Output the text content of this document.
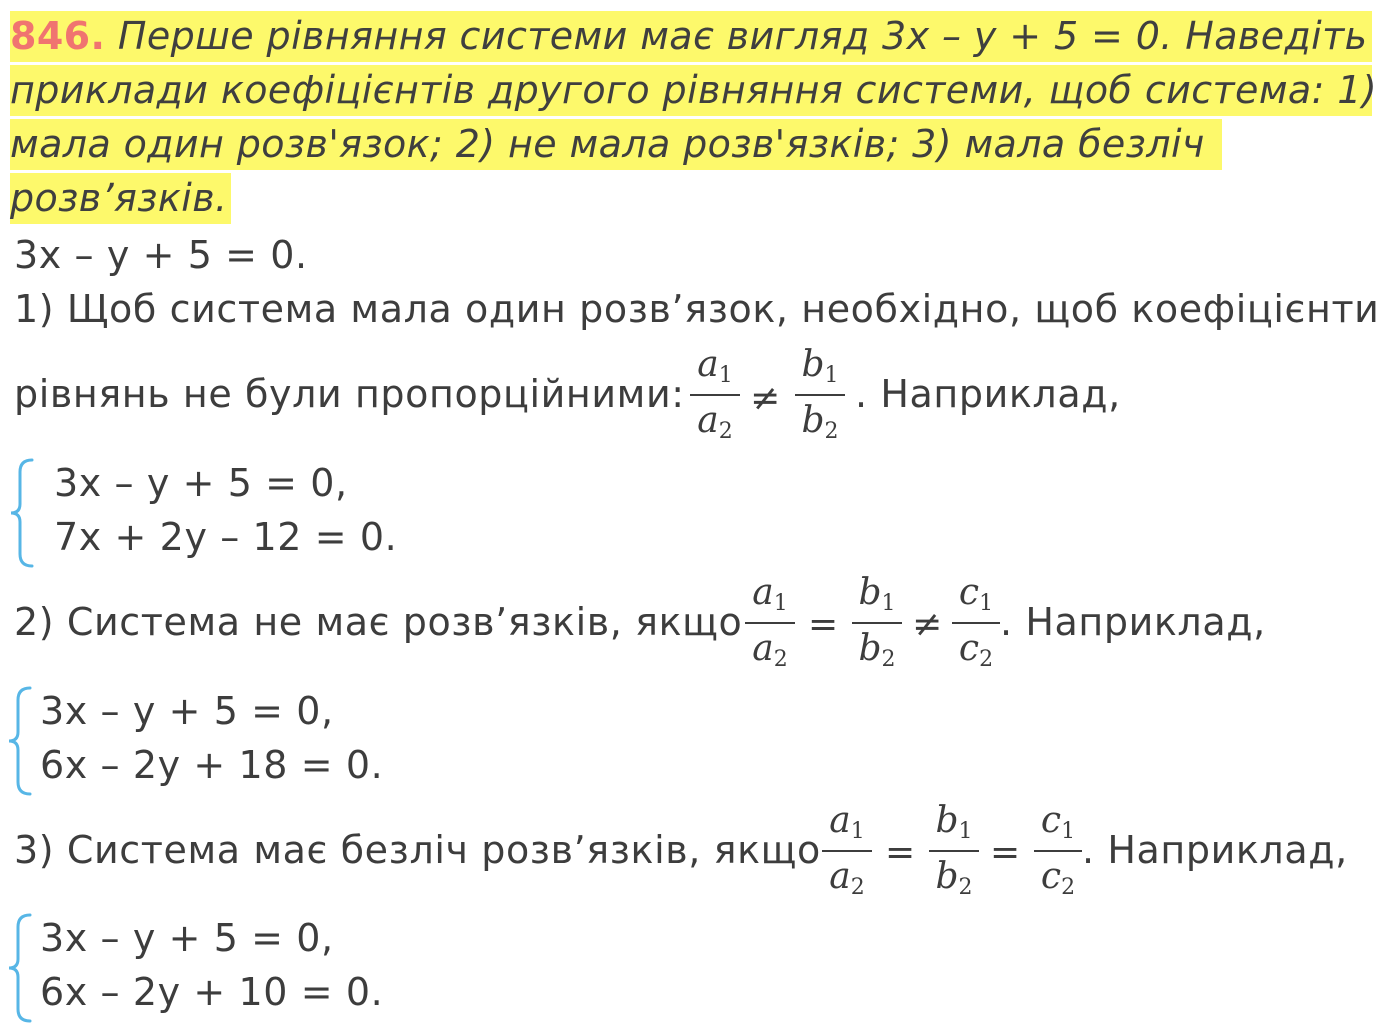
846. Перше рівняння системи має вигляд 3x – y + 5 = 0. Наведіть
приклади коефіцієнтів другого рівняння системи, щоб система: 1)
мала один розв'язок; 2) не мала розв'язків; 3) мала безліч
розв’язків.
3x – y + 5 = 0.
1) Щоб система мала один розв’язок, необхідно, щоб коефіцієнти
рівнянь не були пропорційними:
$a_1$
$a_2$
≠
$b_1$
$b_2$
. Наприклад,
3x – y + 5 = 0,
7x + 2y – 12 = 0.
2) Система не має розв’язків, якщо
$a_1$
$a_2$
=
$b_1$
$b_2$
≠
$c_1$
$c_2$
. Наприклад,
3x – y + 5 = 0,
6x – 2y + 18 = 0.
3) Система має безліч розв’язків, якщо
$a_1$
$a_2$
=
$b_1$
$b_2$
=
$c_1$
$c_2$
. Наприклад,
3x – y + 5 = 0,
6x – 2y + 10 = 0.
